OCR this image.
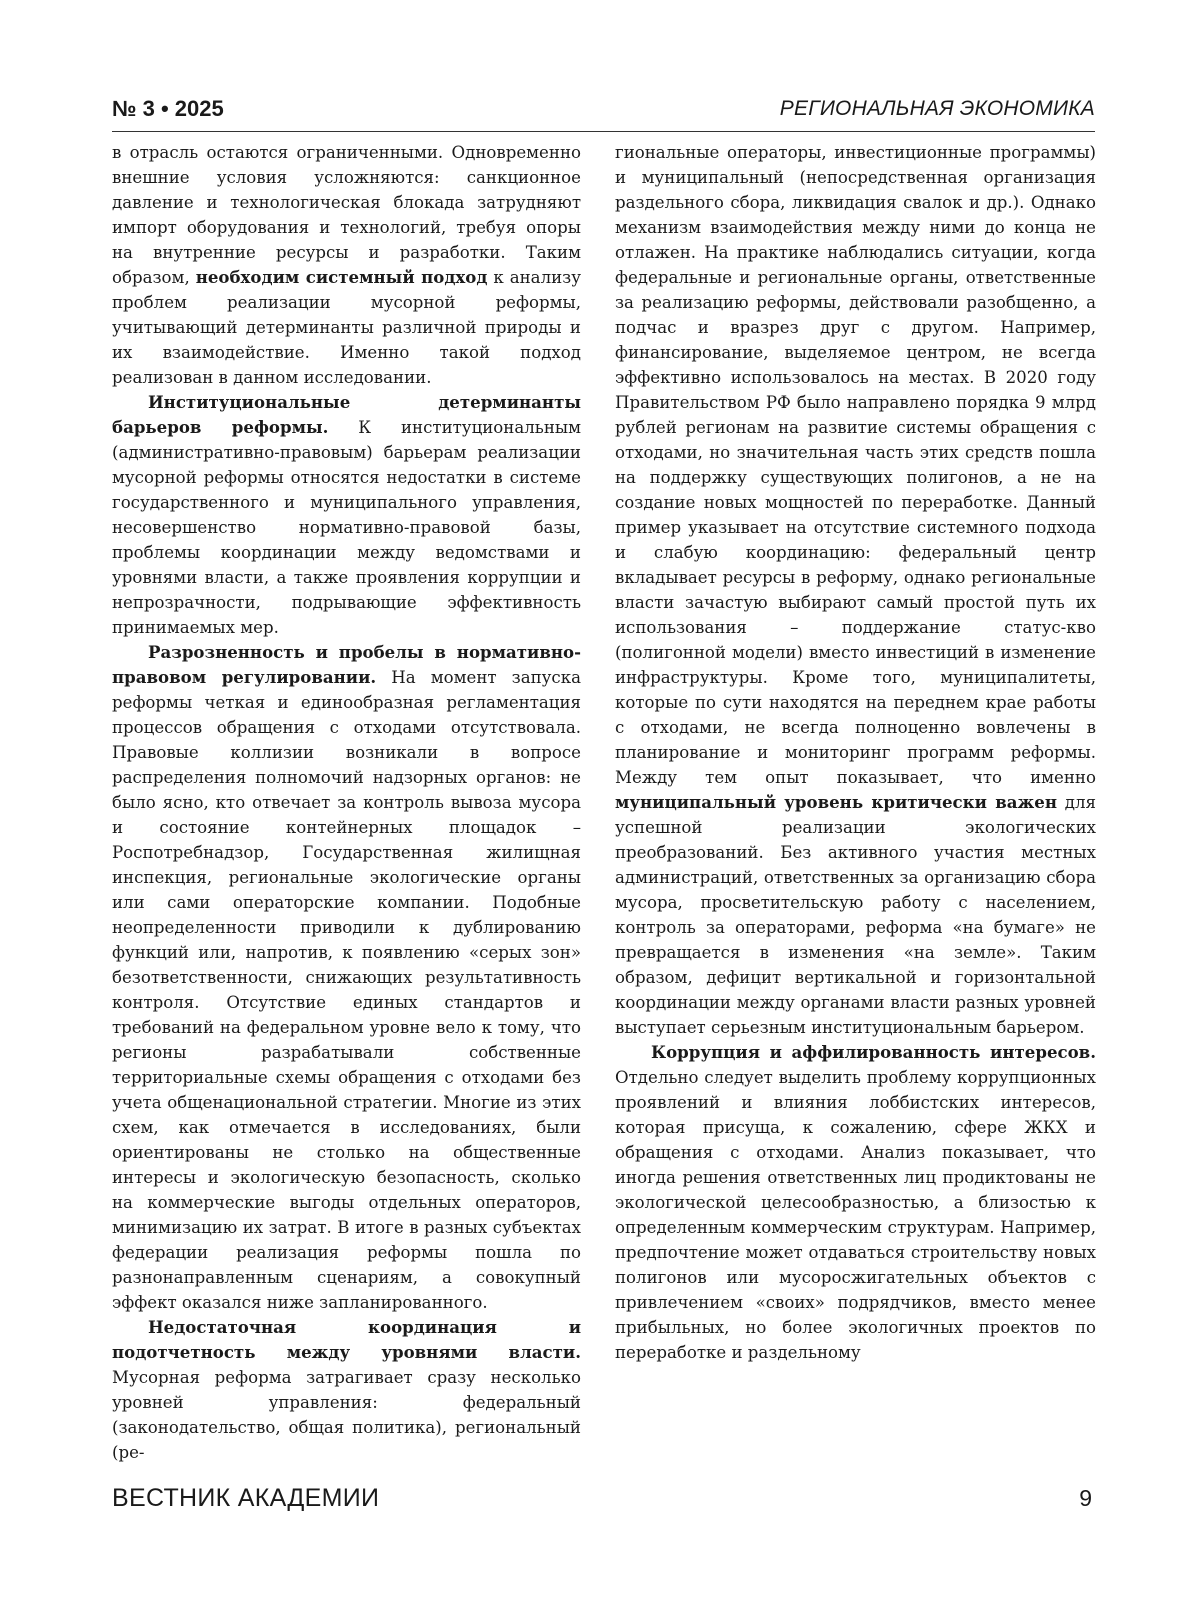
№ 3 • 2025	РЕГИОНАЛЬНАЯ ЭКОНОМИКА

в отрасль остаются ограниченными. Одновременно внешние условия усложняются: санкционное давление и технологическая блокада затрудняют импорт оборудования и технологий, требуя опоры на внутренние ресурсы и разработки. Таким образом, необходим системный подход к анализу проблем реализации мусорной реформы, учитывающий детерминанты различной природы и их взаимодействие. Именно такой подход реализован в данном исследовании.

Институциональные детерминанты барьеров реформы. К институциональным (административно-правовым) барьерам реализации мусорной реформы относятся недостатки в системе государственного и муниципального управления, несовершенство нормативно-правовой базы, проблемы координации между ведомствами и уровнями власти, а также проявления коррупции и непрозрачности, подрывающие эффективность принимаемых мер.

Разрозненность и пробелы в нормативно-правовом регулировании. На момент запуска реформы четкая и единообразная регламентация процессов обращения с отходами отсутствовала. Правовые коллизии возникали в вопросе распределения полномочий надзорных органов: не было ясно, кто отвечает за контроль вывоза мусора и состояние контейнерных площадок – Роспотребнадзор, Государственная жилищная инспекция, региональные экологические органы или сами операторские компании. Подобные неопределенности приводили к дублированию функций или, напротив, к появлению «серых зон» безответственности, снижающих результативность контроля. Отсутствие единых стандартов и требований на федеральном уровне вело к тому, что регионы разрабатывали собственные территориальные схемы обращения с отходами без учета общенациональной стратегии. Многие из этих схем, как отмечается в исследованиях, были ориентированы не столько на общественные интересы и экологическую безопасность, сколько на коммерческие выгоды отдельных операторов, минимизацию их затрат. В итоге в разных субъектах федерации реализация реформы пошла по разнонаправленным сценариям, а совокупный эффект оказался ниже запланированного.

Недостаточная координация и подотчетность между уровнями власти. Мусорная реформа затрагивает сразу несколько уровней управления: федеральный (законодательство, общая политика), региональный (ре-

гиональные операторы, инвестиционные программы) и муниципальный (непосредственная организация раздельного сбора, ликвидация свалок и др.). Однако механизм взаимодействия между ними до конца не отлажен. На практике наблюдались ситуации, когда федеральные и региональные органы, ответственные за реализацию реформы, действовали разобщенно, а подчас и вразрез друг с другом. Например, финансирование, выделяемое центром, не всегда эффективно использовалось на местах. В 2020 году Правительством РФ было направлено порядка 9 млрд рублей регионам на развитие системы обращения с отходами, но значительная часть этих средств пошла на поддержку существующих полигонов, а не на создание новых мощностей по переработке. Данный пример указывает на отсутствие системного подхода и слабую координацию: федеральный центр вкладывает ресурсы в реформу, однако региональные власти зачастую выбирают самый простой путь их использования – поддержание статус-кво (полигонной модели) вместо инвестиций в изменение инфраструктуры. Кроме того, муниципалитеты, которые по сути находятся на переднем крае работы с отходами, не всегда полноценно вовлечены в планирование и мониторинг программ реформы. Между тем опыт показывает, что именно муниципальный уровень критически важен для успешной реализации экологических преобразований. Без активного участия местных администраций, ответственных за организацию сбора мусора, просветительскую работу с населением, контроль за операторами, реформа «на бумаге» не превращается в изменения «на земле». Таким образом, дефицит вертикальной и горизонтальной координации между органами власти разных уровней выступает серьезным институциональным барьером.

Коррупция и аффилированность интересов. Отдельно следует выделить проблему коррупционных проявлений и влияния лоббистских интересов, которая присуща, к сожалению, сфере ЖКХ и обращения с отходами. Анализ показывает, что иногда решения ответственных лиц продиктованы не экологической целесообразностью, а близостью к определенным коммерческим структурам. Например, предпочтение может отдаваться строительству новых полигонов или мусоросжигательных объектов с привлечением «своих» подрядчиков, вместо менее прибыльных, но более экологичных проектов по переработке и раздельному

ВЕСТНИК АКАДЕМИИ	9
